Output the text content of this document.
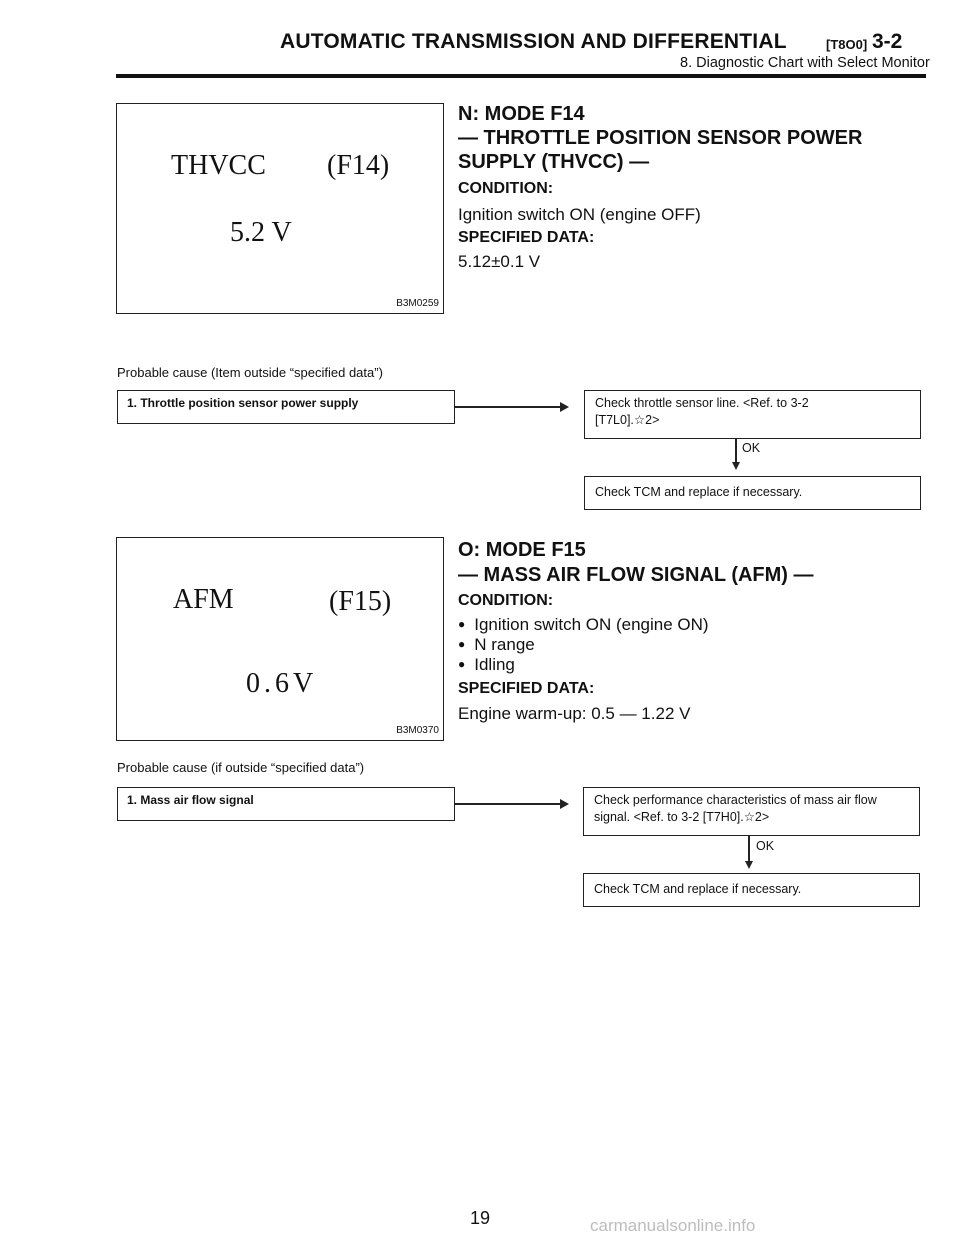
AUTOMATIC TRANSMISSION AND DIFFERENTIAL	[T8O0] 3-2
8. Diagnostic Chart with Select Monitor
THVCC (F14)
5.2 V
B3M0259
N: MODE F14
— THROTTLE POSITION SENSOR POWER
SUPPLY (THVCC) —
CONDITION:
Ignition switch ON (engine OFF)
SPECIFIED DATA:
5.12±0.1 V
Probable cause (Item outside “specified data”)
1. Throttle position sensor power supply	Check throttle sensor line. <Ref. to 3-2 [T7L0].☆2>
OK
Check TCM and replace if necessary.
AFM	(F15)
0.6V
B3M0370
O: MODE F15
— MASS AIR FLOW SIGNAL (AFM) —
CONDITION:
● Ignition switch ON (engine ON)
● N range
● Idling
SPECIFIED DATA:
Engine warm-up: 0.5 — 1.22 V
Probable cause (if outside “specified data”)
1. Mass air flow signal	Check performance characteristics of mass air flow signal. <Ref. to 3-2 [T7H0].☆2>
OK
Check TCM and replace if necessary.
19	carmanualsonline.info
